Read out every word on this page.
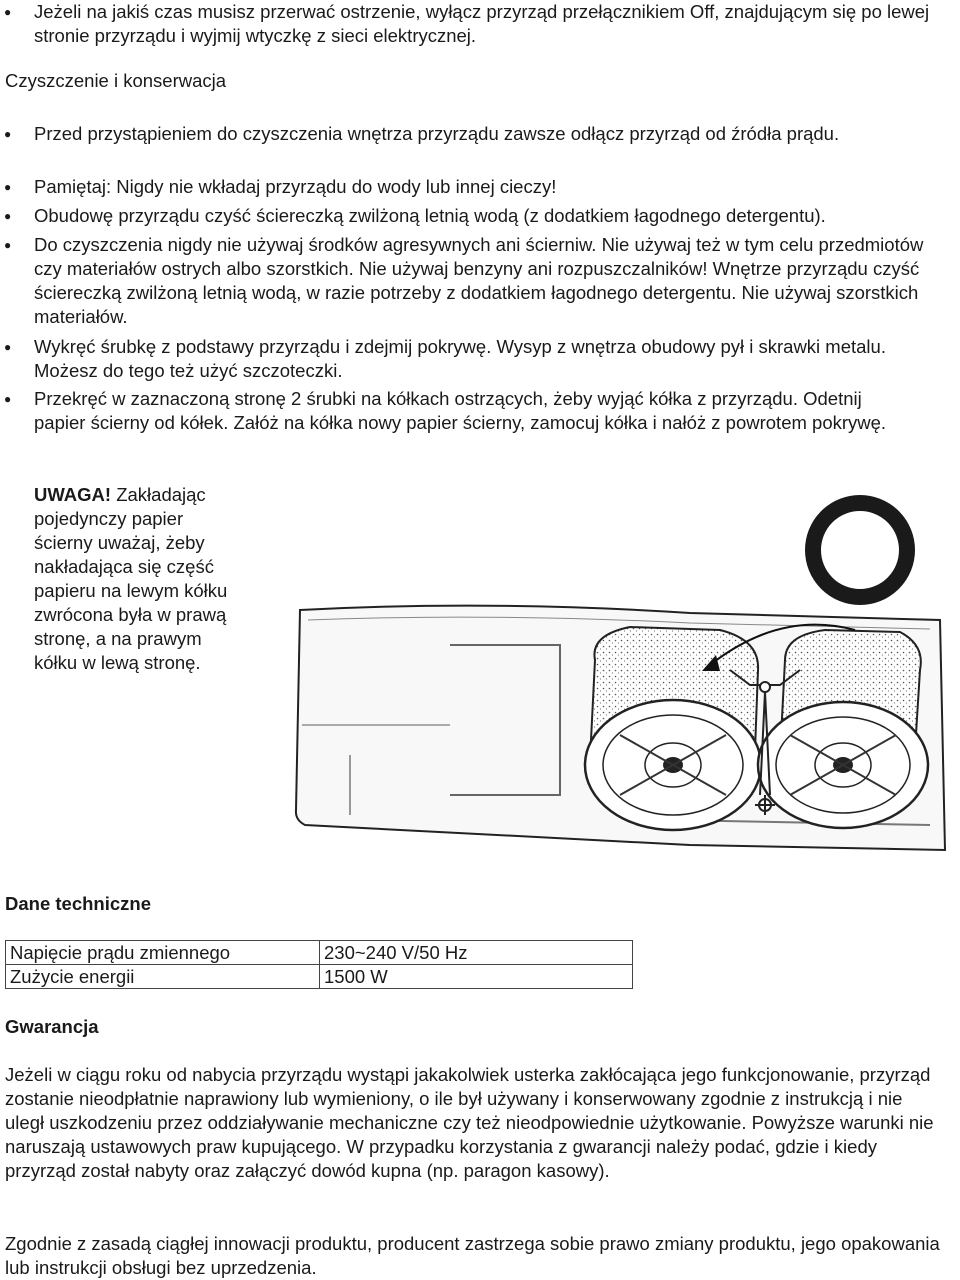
● Jeżeli na jakiś czas musisz przerwać ostrzenie, wyłącz przyrząd przełącznikiem Off, znajdującym się po lewej stronie przyrządu i wyjmij wtyczkę z sieci elektrycznej.
Czyszczenie i konserwacja
● Przed przystąpieniem do czyszczenia wnętrza przyrządu zawsze odłącz przyrząd od źródła prądu.
● Pamiętaj: Nigdy nie wkładaj przyrządu do wody lub innej cieczy!
● Obudowę przyrządu czyść ściereczką zwilżoną letnią wodą (z dodatkiem łagodnego detergentu).
● Do czyszczenia nigdy nie używaj środków agresywnych ani ścierniw. Nie używaj też w tym celu przedmiotów czy materiałów ostrych albo szorstkich. Nie używaj benzyny ani rozpuszczalników! Wnętrze przyrządu czyść ściereczką zwilżoną letnią wodą, w razie potrzeby z dodatkiem łagodnego detergentu. Nie używaj szorstkich materiałów.
● Wykręć śrubkę z podstawy przyrządu i zdejmij pokrywę. Wysyp z wnętrza obudowy pył i skrawki metalu. Możesz do tego też użyć szczoteczki.
● Przekręć w zaznaczoną stronę 2 śrubki na kółkach ostrzących, żeby wyjąć kółka z przyrządu. Odetnij papier ścierny od kółek. Załóż na kółka nowy papier ścierny, zamocuj kółka i nałóż z powrotem pokrywę.
UWAGA! Zakładając pojedynczy papier ścierny uważaj, żeby nakładająca się część papieru na lewym kółku zwrócona była w prawą stronę, a na prawym kółku w lewą stronę.
Dane techniczne
Napięcie prądu zmiennego	230~240 V/50 Hz
Zużycie energii	1500 W
Gwarancja
Jeżeli w ciągu roku od nabycia przyrządu wystąpi jakakolwiek usterka zakłócająca jego funkcjonowanie, przyrząd zostanie nieodpłatnie naprawiony lub wymieniony, o ile był używany i konserwowany zgodnie z instrukcją i nie uległ uszkodzeniu przez oddziaływanie mechaniczne czy też nieodpowiednie użytkowanie. Powyższe warunki nie naruszają ustawowych praw kupującego. W przypadku korzystania z gwarancji należy podać, gdzie i kiedy przyrząd został nabyty oraz załączyć dowód kupna (np. paragon kasowy).
Zgodnie z zasadą ciągłej innowacji produktu, producent zastrzega sobie prawo zmiany produktu, jego opakowania lub instrukcji obsługi bez uprzedzenia.
